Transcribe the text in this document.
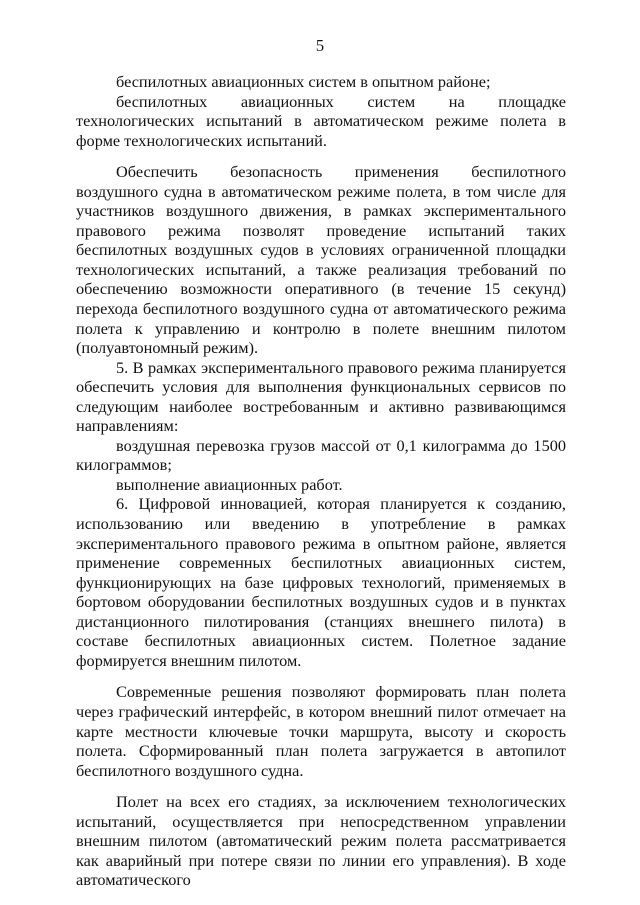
5

беспилотных авиационных систем в опытном районе;

беспилотных авиационных систем на площадке технологических испытаний в автоматическом режиме полета в форме технологических испытаний.

Обеспечить безопасность применения беспилотного воздушного судна в автоматическом режиме полета, в том числе для участников воздушного движения, в рамках экспериментального правового режима позволят проведение испытаний таких беспилотных воздушных судов в условиях ограниченной площадки технологических испытаний, а также реализация требований по обеспечению возможности оперативного (в течение 15 секунд) перехода беспилотного воздушного судна от автоматического режима полета к управлению и контролю в полете внешним пилотом (полуавтономный режим).

5. В рамках экспериментального правового режима планируется обеспечить условия для выполнения функциональных сервисов по следующим наиболее востребованным и активно развивающимся направлениям:

воздушная перевозка грузов массой от 0,1 килограмма до 1500 килограммов;

выполнение авиационных работ.

6. Цифровой инновацией, которая планируется к созданию, использованию или введению в употребление в рамках экспериментального правового режима в опытном районе, является применение современных беспилотных авиационных систем, функционирующих на базе цифровых технологий, применяемых в бортовом оборудовании беспилотных воздушных судов и в пунктах дистанционного пилотирования (станциях внешнего пилота) в составе беспилотных авиационных систем. Полетное задание формируется внешним пилотом.

Современные решения позволяют формировать план полета через графический интерфейс, в котором внешний пилот отмечает на карте местности ключевые точки маршрута, высоту и скорость полета. Сформированный план полета загружается в автопилот беспилотного воздушного судна.

Полет на всех его стадиях, за исключением технологических испытаний, осуществляется при непосредственном управлении внешним пилотом (автоматический режим полета рассматривается как аварийный при потере связи по линии его управления). В ходе автоматического
